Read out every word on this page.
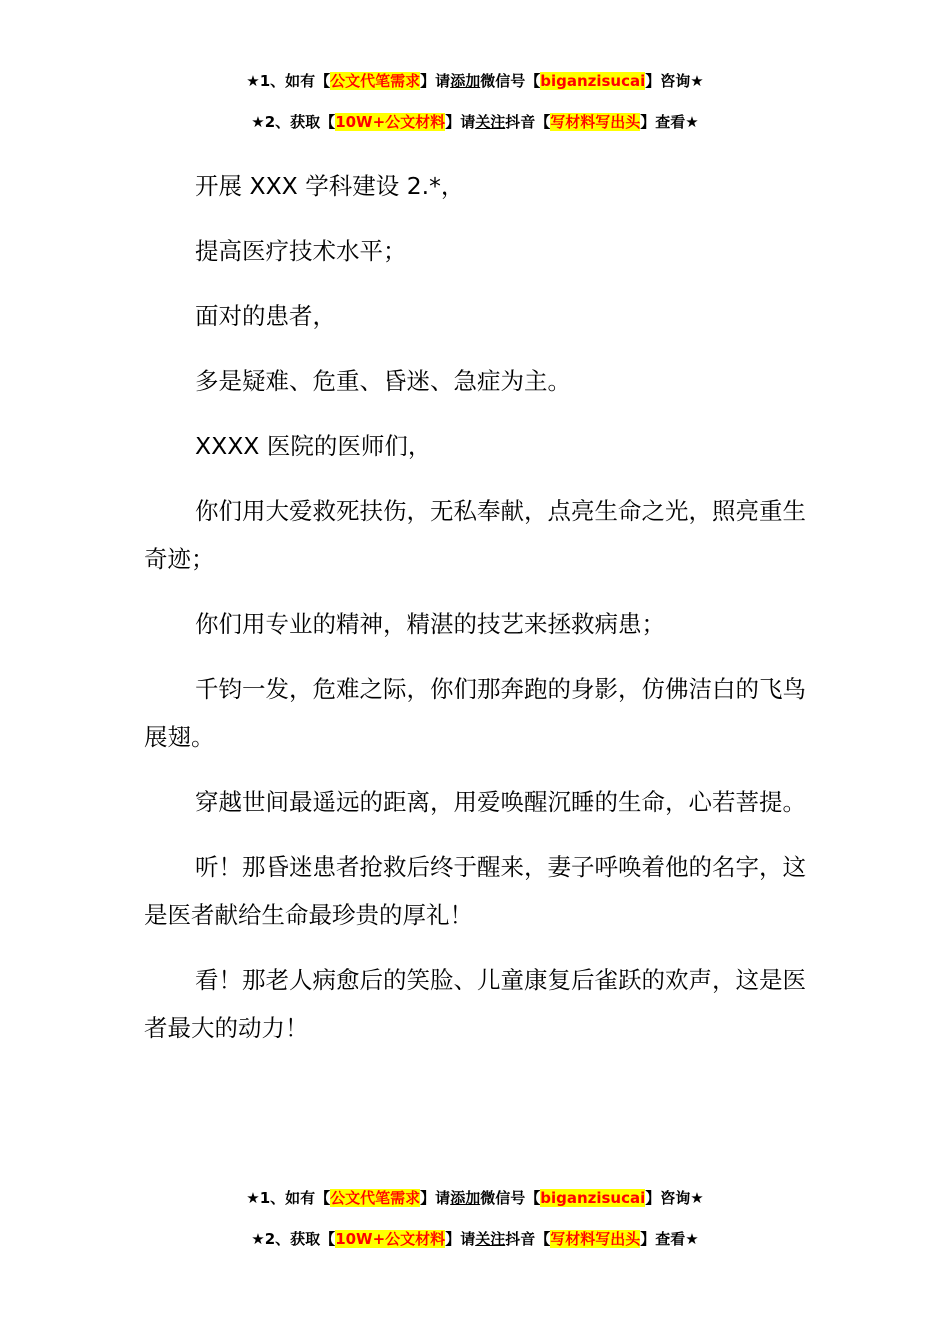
★1、如有【公文代笔需求】请添加微信号【biganzisucai】咨询★
★2、获取【10W+公文材料】请关注抖音【写材料写出头】查看★

开展 XXX 学科建设 2.*，

提高医疗技术水平；

面对的患者，

多是疑难、危重、昏迷、急症为主。

XXXX 医院的医师们，

你们用大爱救死扶伤，无私奉献，点亮生命之光，照亮重生奇迹；

你们用专业的精神，精湛的技艺来拯救病患；

千钧一发，危难之际，你们那奔跑的身影，仿佛洁白的飞鸟展翅。

穿越世间最遥远的距离，用爱唤醒沉睡的生命，心若菩提。

听！那昏迷患者抢救后终于醒来，妻子呼唤着他的名字，这是医者献给生命最珍贵的厚礼！

看！那老人病愈后的笑脸、儿童康复后雀跃的欢声，这是医者最大的动力！

★1、如有【公文代笔需求】请添加微信号【biganzisucai】咨询★
★2、获取【10W+公文材料】请关注抖音【写材料写出头】查看★
